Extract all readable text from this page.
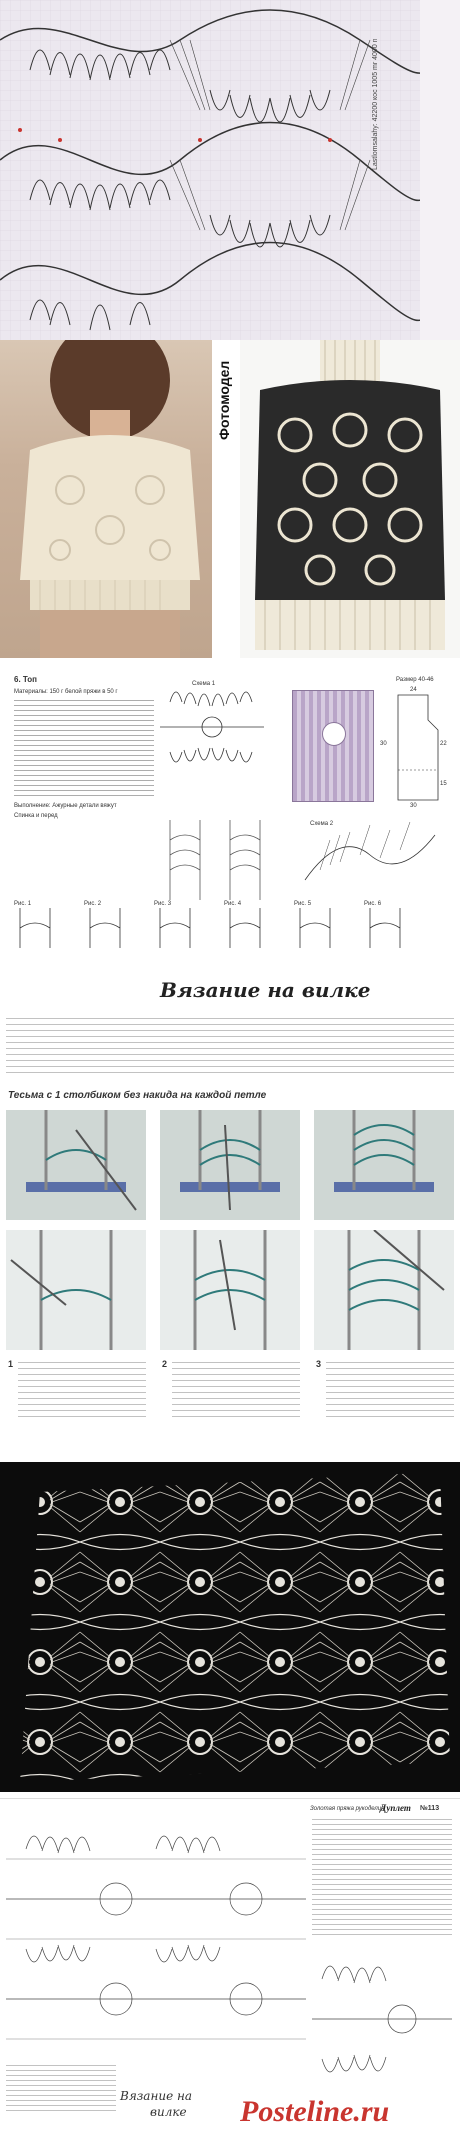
Lastlomsalahy: 42200 кос 1005 mr 4000 n
Фотомодел
6. Топ	Размер 40-46
Материалы: 150 г белой пряжи в 50 г
Выполнение: Ажурные детали вяжут
Спинка и перед
Схема 1
24
30	22
30
15
Схема 2
Рис. 1	Рис. 2	Рис. 3	Рис. 4	Рис. 5	Рис. 6
Вязание на вилке
Тесьма с 1 столбиком без накида на каждой петле
1	2	3
Золотая пряжа рукоделия
Дуплет №113
Вязание на
вилке Posteline.ru
